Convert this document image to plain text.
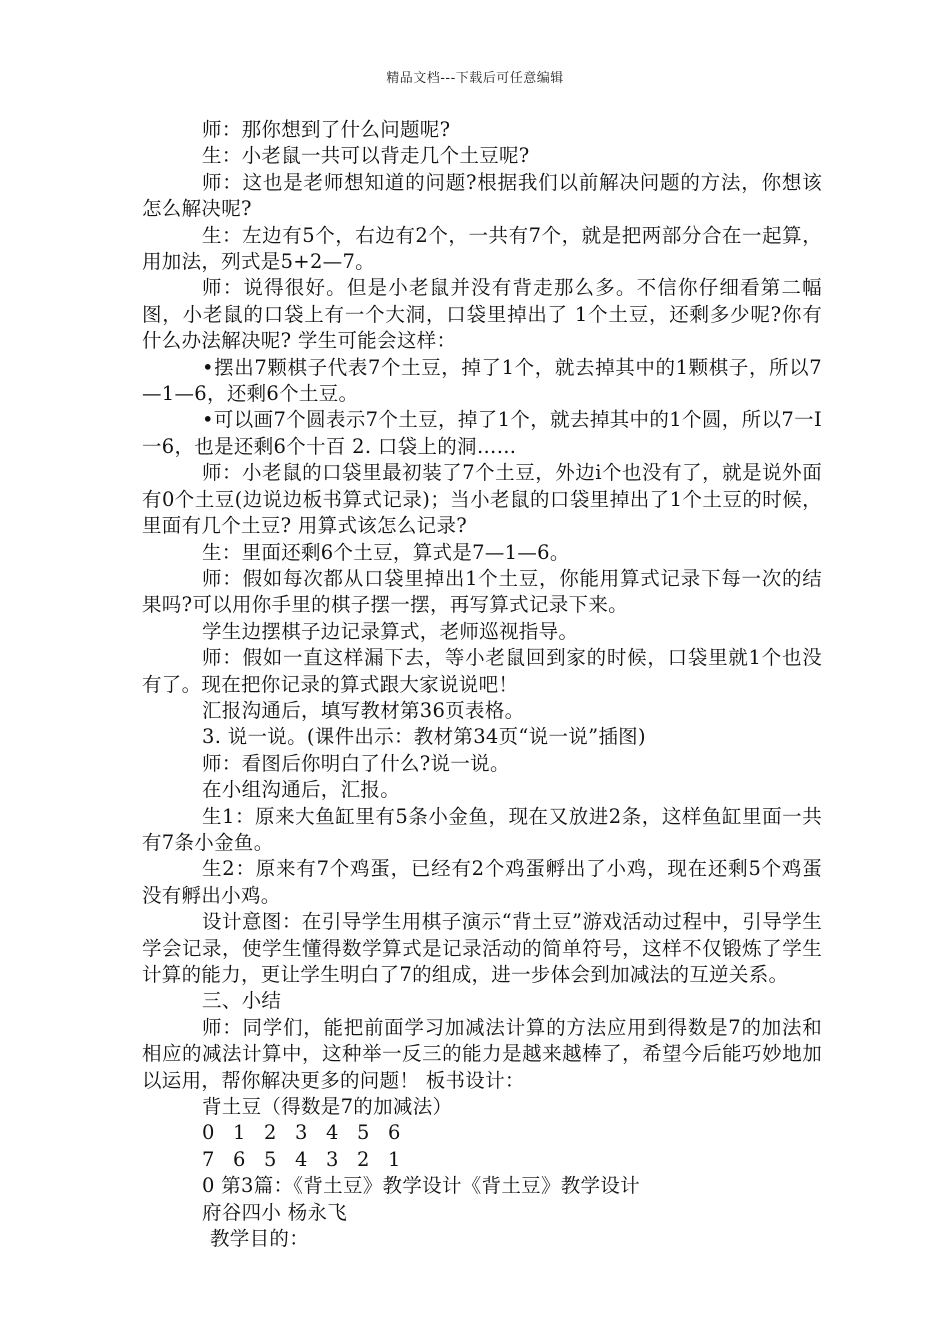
精品文档---下载后可任意编辑

师：那你想到了什么问题呢?

生：小老鼠一共可以背走几个土豆呢?

师：这也是老师想知道的问题?根据我们以前解决问题的方法，你想该怎么解决呢?

生：左边有5个，右边有2个，一共有7个，就是把两部分合在一起算，用加法，列式是5+2—7。

师：说得很好。但是小老鼠并没有背走那么多。不信你仔细看第二幅图，小老鼠的口袋上有一个大洞，口袋里掉出了 1个土豆，还剩多少呢?你有什么办法解决呢? 学生可能会这样：

•摆出7颗棋子代表7个土豆，掉了1个，就去掉其中的1颗棋子，所以7—1—6，还剩6个土豆。

•可以画7个圆表示7个土豆，掉了1个，就去掉其中的1个圆，所以7一Ⅰ一6，也是还剩6个十百 2. 口袋上的洞……

师：小老鼠的口袋里最初装了7个土豆，外边i个也没有了，就是说外面有0个土豆(边说边板书算式记录)；当小老鼠的口袋里掉出了1个土豆的时候，里面有几个土豆? 用算式该怎么记录?

生：里面还剩6个土豆，算式是7—1—6。

师：假如每次都从口袋里掉出1个土豆，你能用算式记录下每一次的结果吗?可以用你手里的棋子摆一摆，再写算式记录下来。

学生边摆棋子边记录算式，老师巡视指导。

师：假如一直这样漏下去，等小老鼠回到家的时候，口袋里就1个也没有了。现在把你记录的算式跟大家说说吧！

汇报沟通后，填写教材第36页表格。

3. 说一说。(课件出示：教材第34页“说一说”插图)

师：看图后你明白了什么?说一说。

在小组沟通后，汇报。

生1：原来大鱼缸里有5条小金鱼，现在又放进2条，这样鱼缸里面一共有7条小金鱼。

生2：原来有7个鸡蛋，已经有2个鸡蛋孵出了小鸡，现在还剩5个鸡蛋没有孵出小鸡。

设计意图：在引导学生用棋子演示“背土豆”游戏活动过程中，引导学生学会记录，使学生懂得数学算式是记录活动的简单符号，这样不仅锻炼了学生计算的能力，更让学生明白了7的组成，进一步体会到加减法的互逆关系。

三、小结

师：同学们，能把前面学习加减法计算的方法应用到得数是7的加法和相应的减法计算中，这种举一反三的能力是越来越棒了，希望今后能巧妙地加以运用，帮你解决更多的问题！ 板书设计：

背土豆（得数是7的加减法）

0   1   2   3   4   5   6

7   6   5   4   3   2   1

0 第3篇：《背土豆》教学设计《背土豆》教学设计

府谷四小 杨永飞

教学目的：
